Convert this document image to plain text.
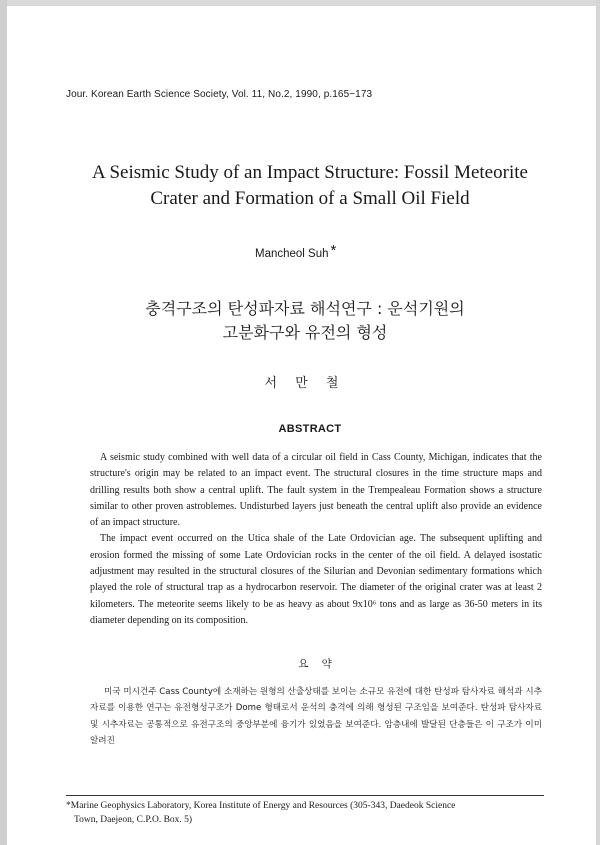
Jour. Korean Earth Science Society, Vol. 11, No.2, 1990, p.165~173
A Seismic Study of an Impact Structure: Fossil Meteorite
Crater and Formation of a Small Oil Field
Mancheol Suh *
충격구조의 탄성파자료 해석연구 : 운석기원의
고분화구와 유전의 형성
서 만 철
ABSTRACT

A seismic study combined with well data of a circular oil field in Cass County, Michigan, indicates that the structure's origin may be related to an impact event. The structural closures in the time structure maps and drilling results both show a central uplift. The fault system in the Trempealeau Formation shows a structure similar to other proven astroblemes. Undisturbed layers just beneath the central uplift also provide an evidence of an impact structure.

The impact event occurred on the Utica shale of the Late Ordovician age. The subsequent uplifting and erosion formed the missing of some Late Ordovician rocks in the center of the oil field. A delayed isostatic adjustment may resulted in the structural closures of the Silurian and Devonian sedimentary formations which played the role of structural trap as a hydrocarbon reservoir. The diameter of the original crater was at least 2 kilometers. The meteorite seems likely to be as heavy as about 9x10⁶ tons and as large as 36-50 meters in its diameter depending on its composition.

요 약

미국 미시건주 Cass County에 소재하는 원형의 산출상태를 보이는 소규모 유전에 대한 탄성파 탐사자료 해석과 시추자료를 이용한 연구는 유전형성구조가 Dome 형태로서 운석의 충격에 의해 형성된 구조임을 보여준다. 탄성파 탐사자료 및 시추자료는 공통적으로 유전구조의 중앙부분에 융기가 있었음을 보여준다. 암층내에 발달된 단층들은 이 구조가 이미 알려진

*Marine Geophysics Laboratory, Korea Institute of Energy and Resources (305-343, Daedeok Science
Town, Daejeon, C.P.O. Box. 5)
